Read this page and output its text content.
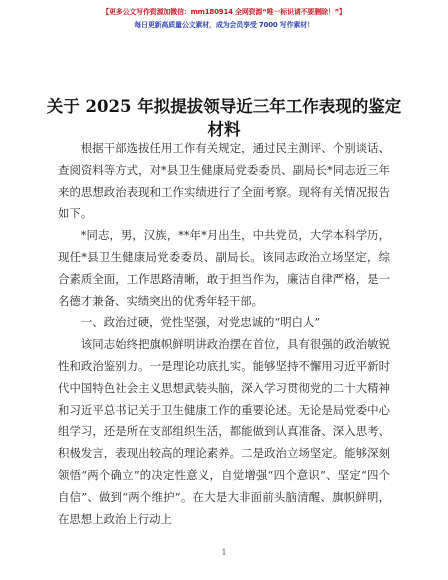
【更多公文写作资源加微信：mm180914 全网资源“唯一标识请不要删除！”】
每日更新高质量公文素材，成为会员享受 7000 写作素材！
关于 2025 年拟提拔领导近三年工作表现的鉴定
材料

根据干部选拔任用工作有关规定，通过民主测评、个别谈话、查阅资料等方式，对*县卫生健康局党委委员、副局长*同志近三年来的思想政治表现和工作实绩进行了全面考察。现将有关情况报告如下。

*同志，男，汉族，**年*月出生，中共党员，大学本科学历，现任*县卫生健康局党委委员、副局长。该同志政治立场坚定，综合素质全面，工作思路清晰，敢于担当作为，廉洁自律严格，是一名德才兼备、实绩突出的优秀年轻干部。

一、政治过硬，党性坚强，对党忠诚的“明白人”

该同志始终把旗帜鲜明讲政治摆在首位，具有很强的政治敏锐性和政治鉴别力。一是理论功底扎实。能够坚持不懈用习近平新时代中国特色社会主义思想武装头脑，深入学习贯彻党的二十大精神和习近平总书记关于卫生健康工作的重要论述。无论是局党委中心组学习，还是所在支部组织生活，都能做到认真准备、深入思考、积极发言，表现出较高的理论素养。二是政治立场坚定。能够深刻领悟“两个确立”的决定性意义，自觉增强“四个意识”、坚定“四个自信”、做到“两个维护”。在大是大非面前头脑清醒、旗帜鲜明，在思想上政治上行动上

1
